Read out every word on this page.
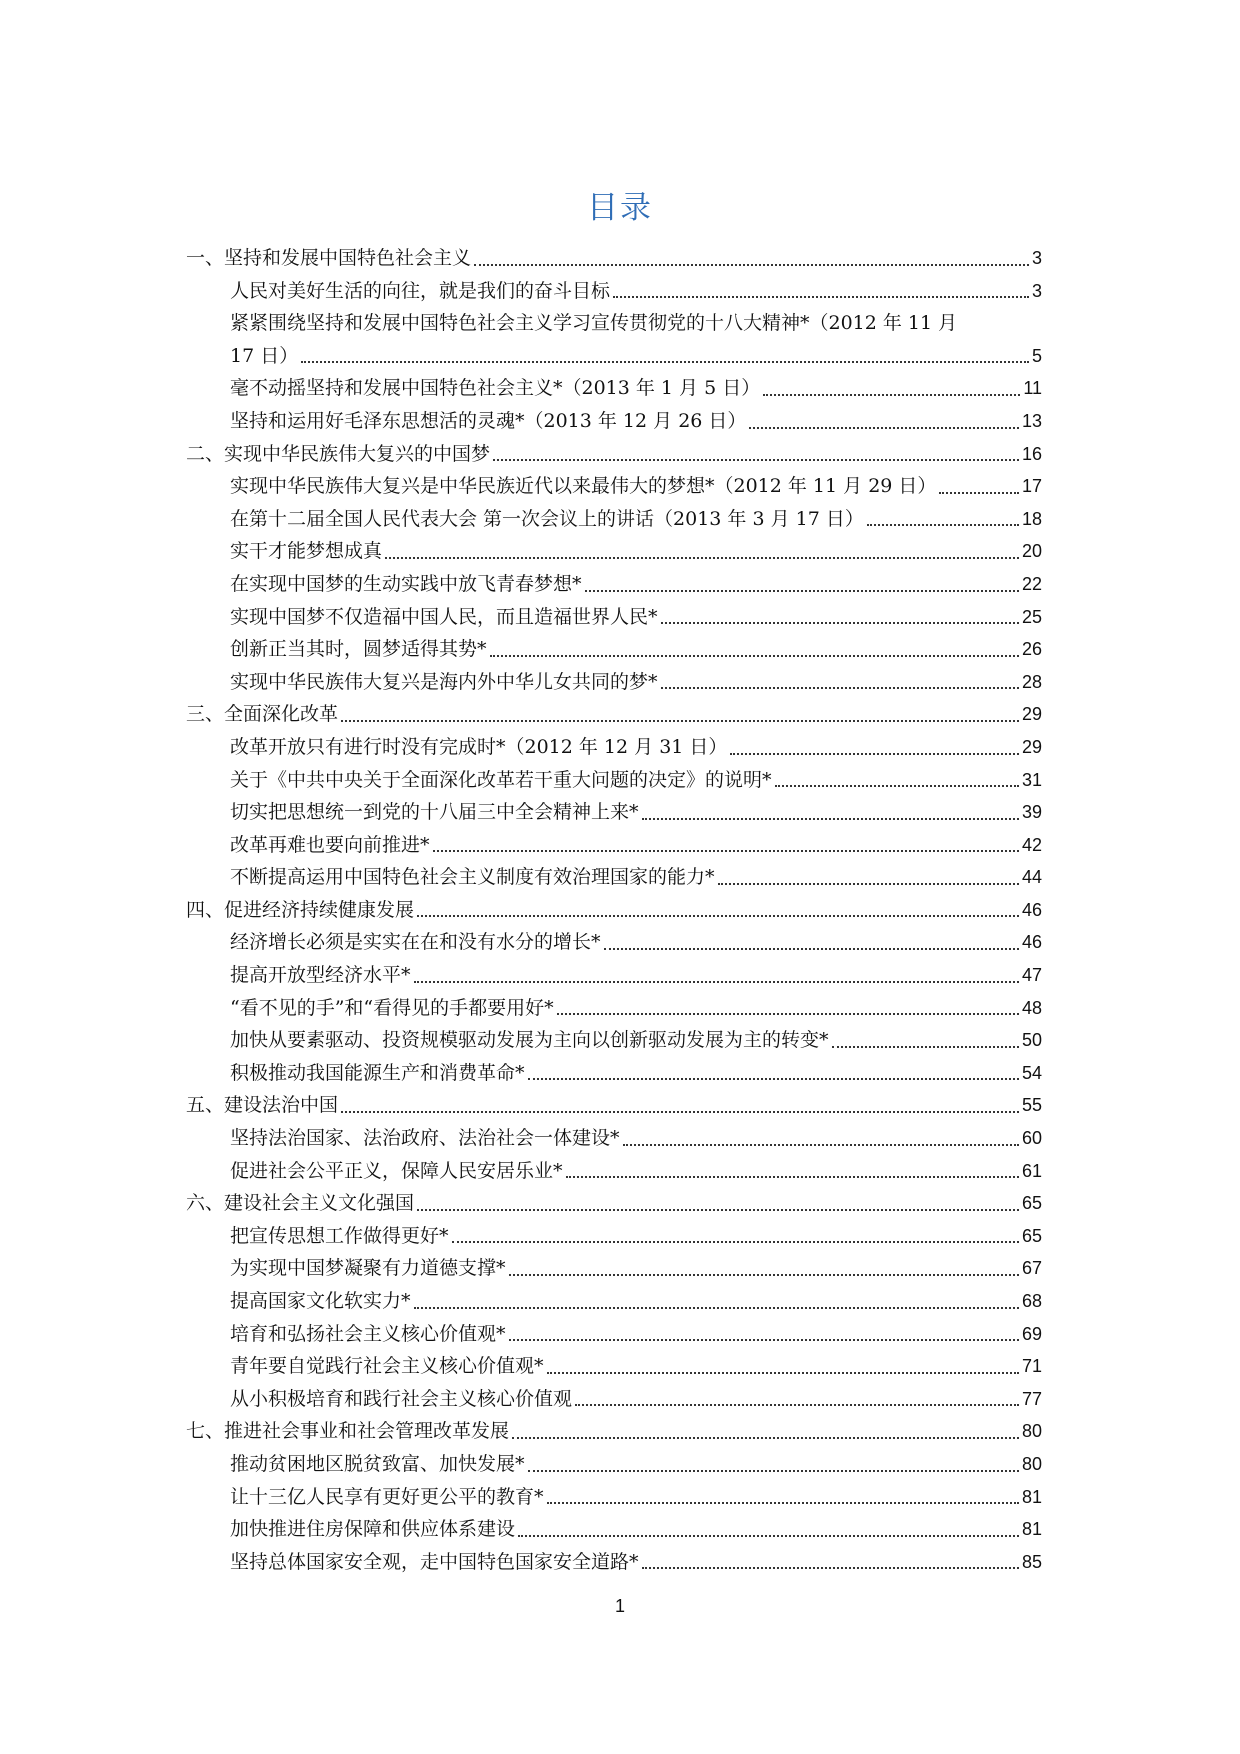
目录
一、坚持和发展中国特色社会主义	3
人民对美好生活的向往，就是我们的奋斗目标	3
紧紧围绕坚持和发展中国特色社会主义学习宣传贯彻党的十八大精神*（2012 年 11 月
17 日）	5
毫不动摇坚持和发展中国特色社会主义*（2013 年 1 月 5 日）	11
坚持和运用好毛泽东思想活的灵魂*（2013 年 12 月 26 日）	13
二、实现中华民族伟大复兴的中国梦	16
实现中华民族伟大复兴是中华民族近代以来最伟大的梦想*（2012 年 11 月 29 日）	17
在第十二届全国人民代表大会 第一次会议上的讲话（2013 年 3 月 17 日）	18
实干才能梦想成真	20
在实现中国梦的生动实践中放飞青春梦想*	22
实现中国梦不仅造福中国人民，而且造福世界人民*	25
创新正当其时，圆梦适得其势*	26
实现中华民族伟大复兴是海内外中华儿女共同的梦*	28
三、全面深化改革	29
改革开放只有进行时没有完成时*（2012 年 12 月 31 日）	29
关于《中共中央关于全面深化改革若干重大问题的决定》的说明*	31
切实把思想统一到党的十八届三中全会精神上来*	39
改革再难也要向前推进*	42
不断提高运用中国特色社会主义制度有效治理国家的能力*	44
四、促进经济持续健康发展	46
经济增长必须是实实在在和没有水分的增长*	46
提高开放型经济水平*	47
“看不见的手”和“看得见的手都要用好*	48
加快从要素驱动、投资规模驱动发展为主向以创新驱动发展为主的转变*	50
积极推动我国能源生产和消费革命*	54
五、建设法治中国	55
坚持法治国家、法治政府、法治社会一体建设*	60
促进社会公平正义，保障人民安居乐业*	61
六、建设社会主义文化强国	65
把宣传思想工作做得更好*	65
为实现中国梦凝聚有力道德支撑*	67
提高国家文化软实力*	68
培育和弘扬社会主义核心价值观*	69
青年要自觉践行社会主义核心价值观*	71
从小积极培育和践行社会主义核心价值观	77
七、推进社会事业和社会管理改革发展	80
推动贫困地区脱贫致富、加快发展*	80
让十三亿人民享有更好更公平的教育*	81
加快推进住房保障和供应体系建设	81
坚持总体国家安全观，走中国特色国家安全道路*	85
1
